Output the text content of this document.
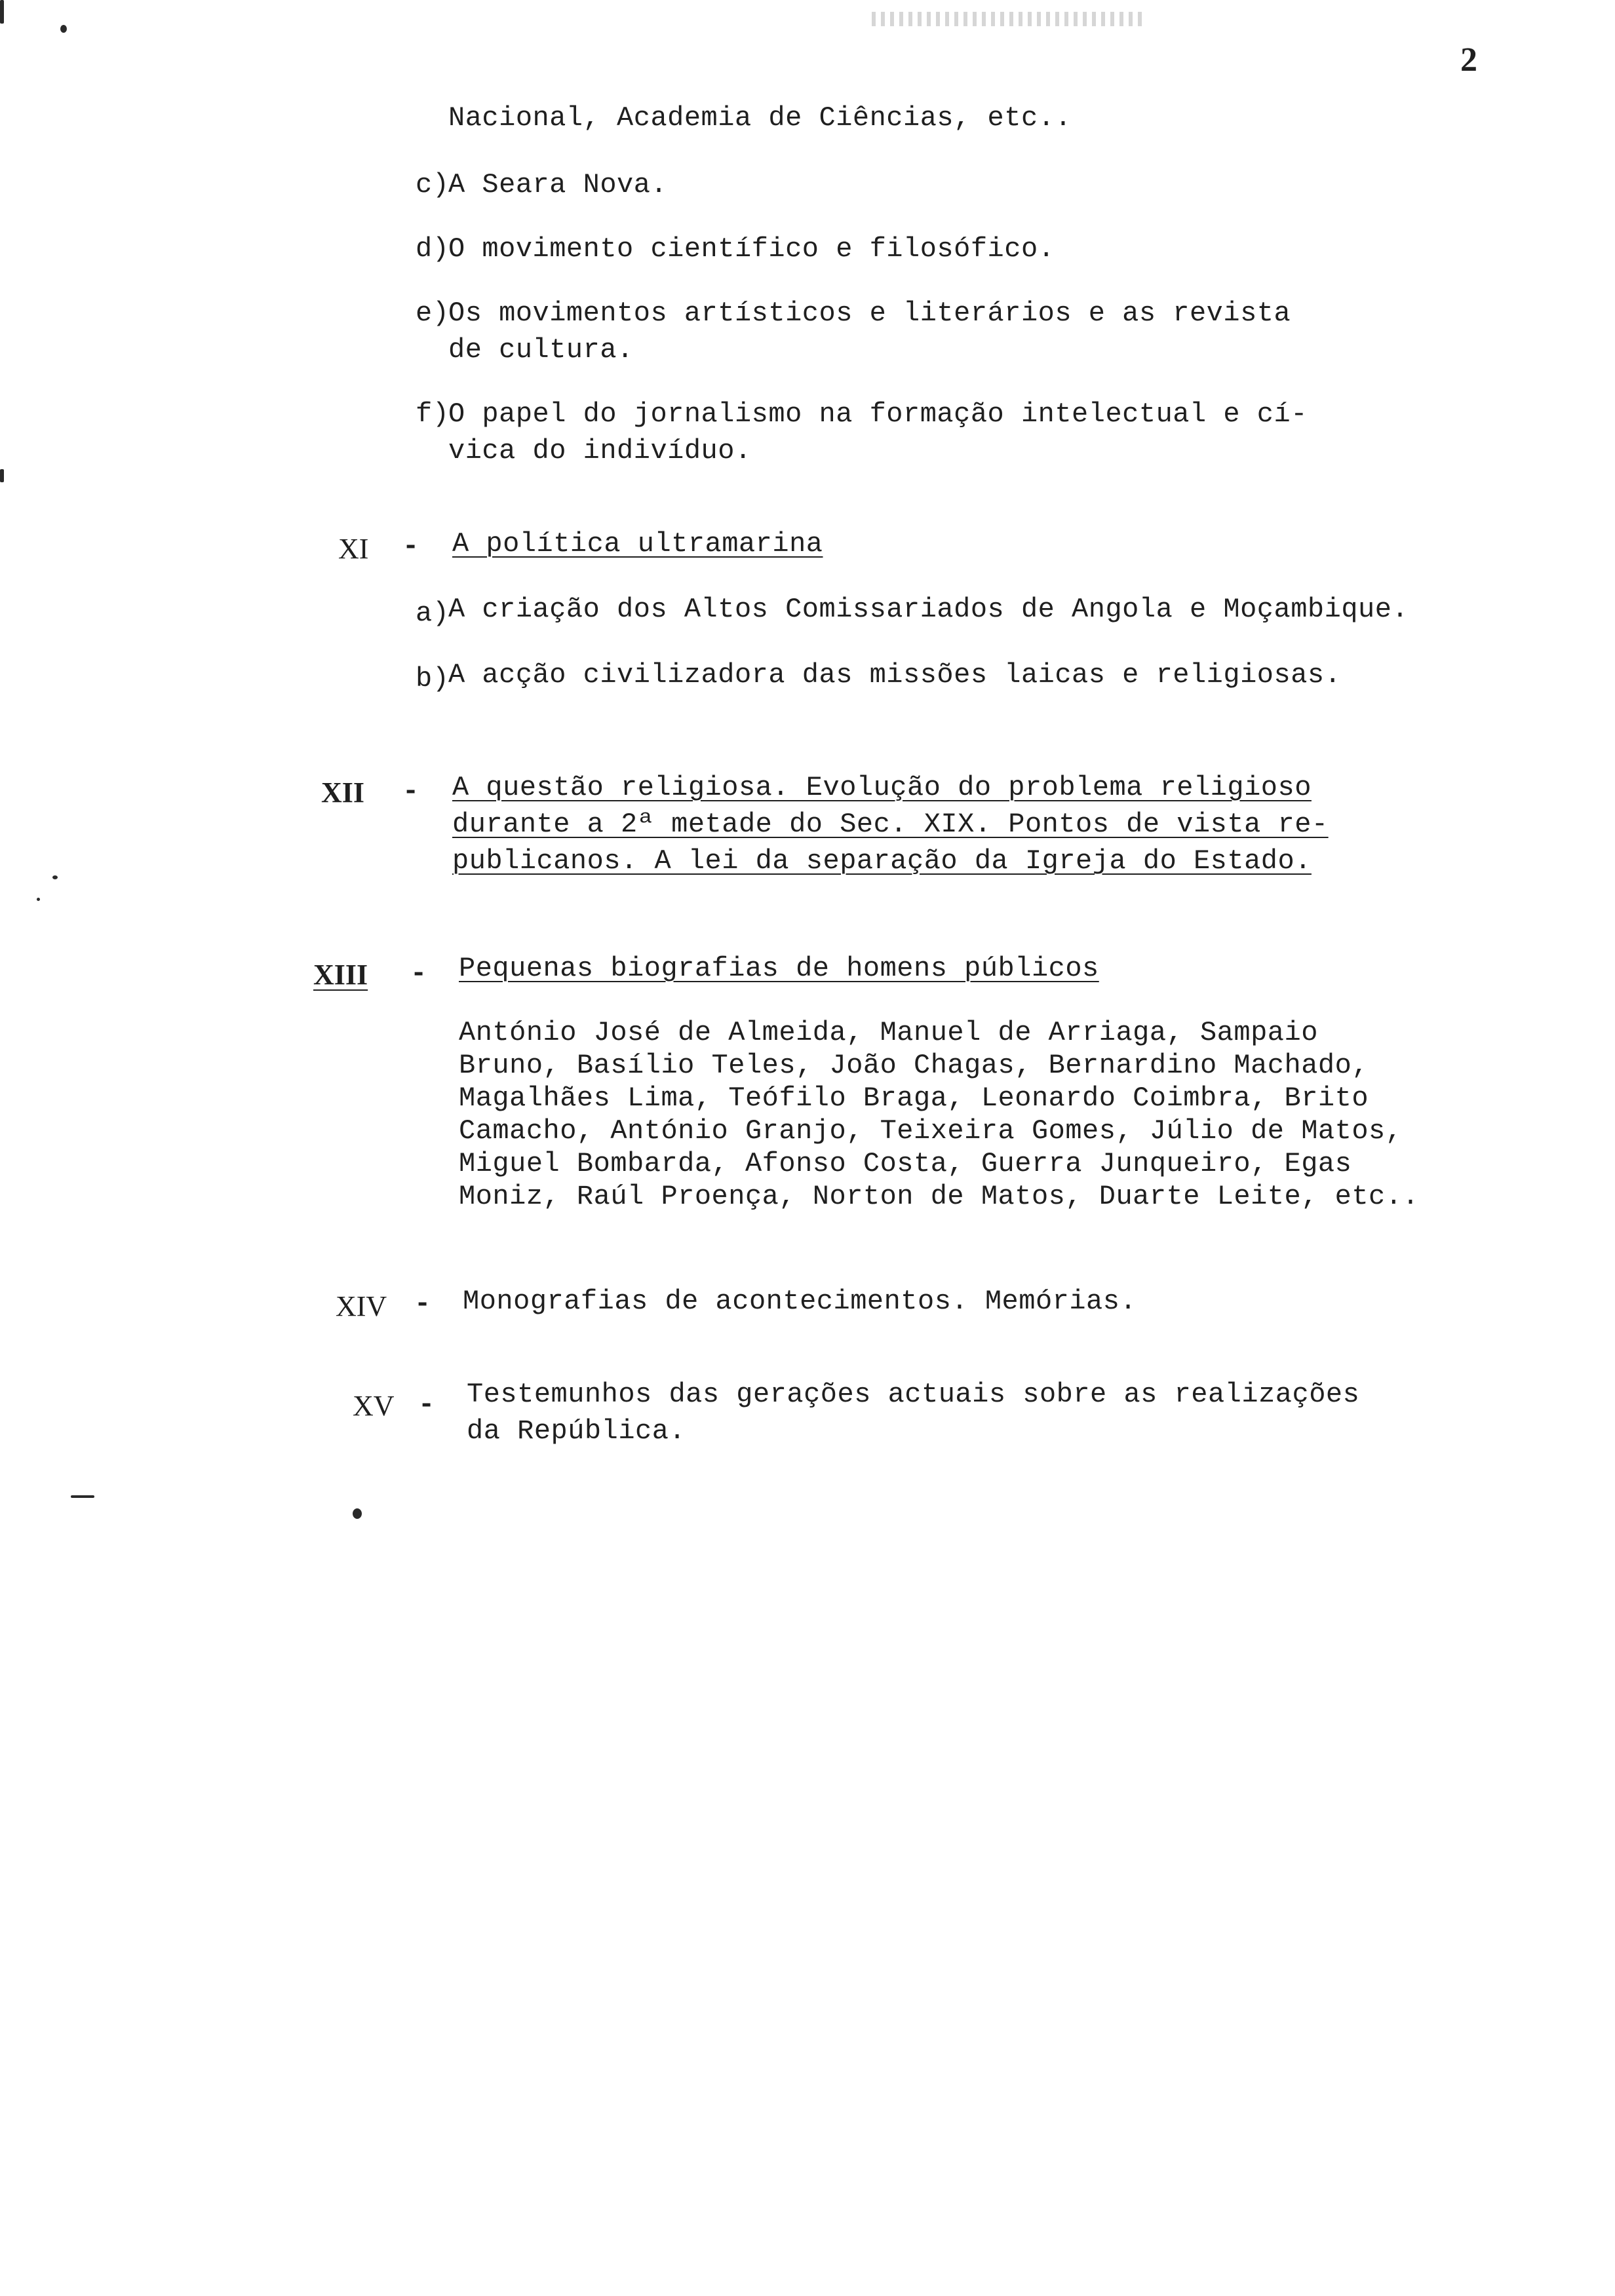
2
Nacional, Academia de Ciências, etc..
c)
A Seara Nova.
d)
O movimento científico e filosófico.
e)
Os movimentos artísticos e literários e as revista
de cultura.
f)
O papel do jornalismo na formação intelectual e cí-
vica do indivíduo.
XI - A política ultramarina
a)
A criação dos Altos Comissariados de Angola e Moçambique.
b)
A acção civilizadora das missões laicas e religiosas.
XII - A questão religiosa. Evolução do problema religioso
durante a 2ª metade do Sec. XIX. Pontos de vista re-
publicanos. A lei da separação da Igreja do Estado.
XIII - Pequenas biografias de homens públicos
António José de Almeida, Manuel de Arriaga, Sampaio
Bruno, Basílio Teles, João Chagas, Bernardino Machado,
Magalhães Lima, Teófilo Braga, Leonardo Coimbra, Brito
Camacho, António Granjo, Teixeira Gomes, Júlio de Matos,
Miguel Bombarda, Afonso Costa, Guerra Junqueiro, Egas
Moniz, Raúl Proença, Norton de Matos, Duarte Leite, etc..
XIV - Monografias de acontecimentos. Memórias.
XV - Testemunhos das gerações actuais sobre as realizações
da República.
